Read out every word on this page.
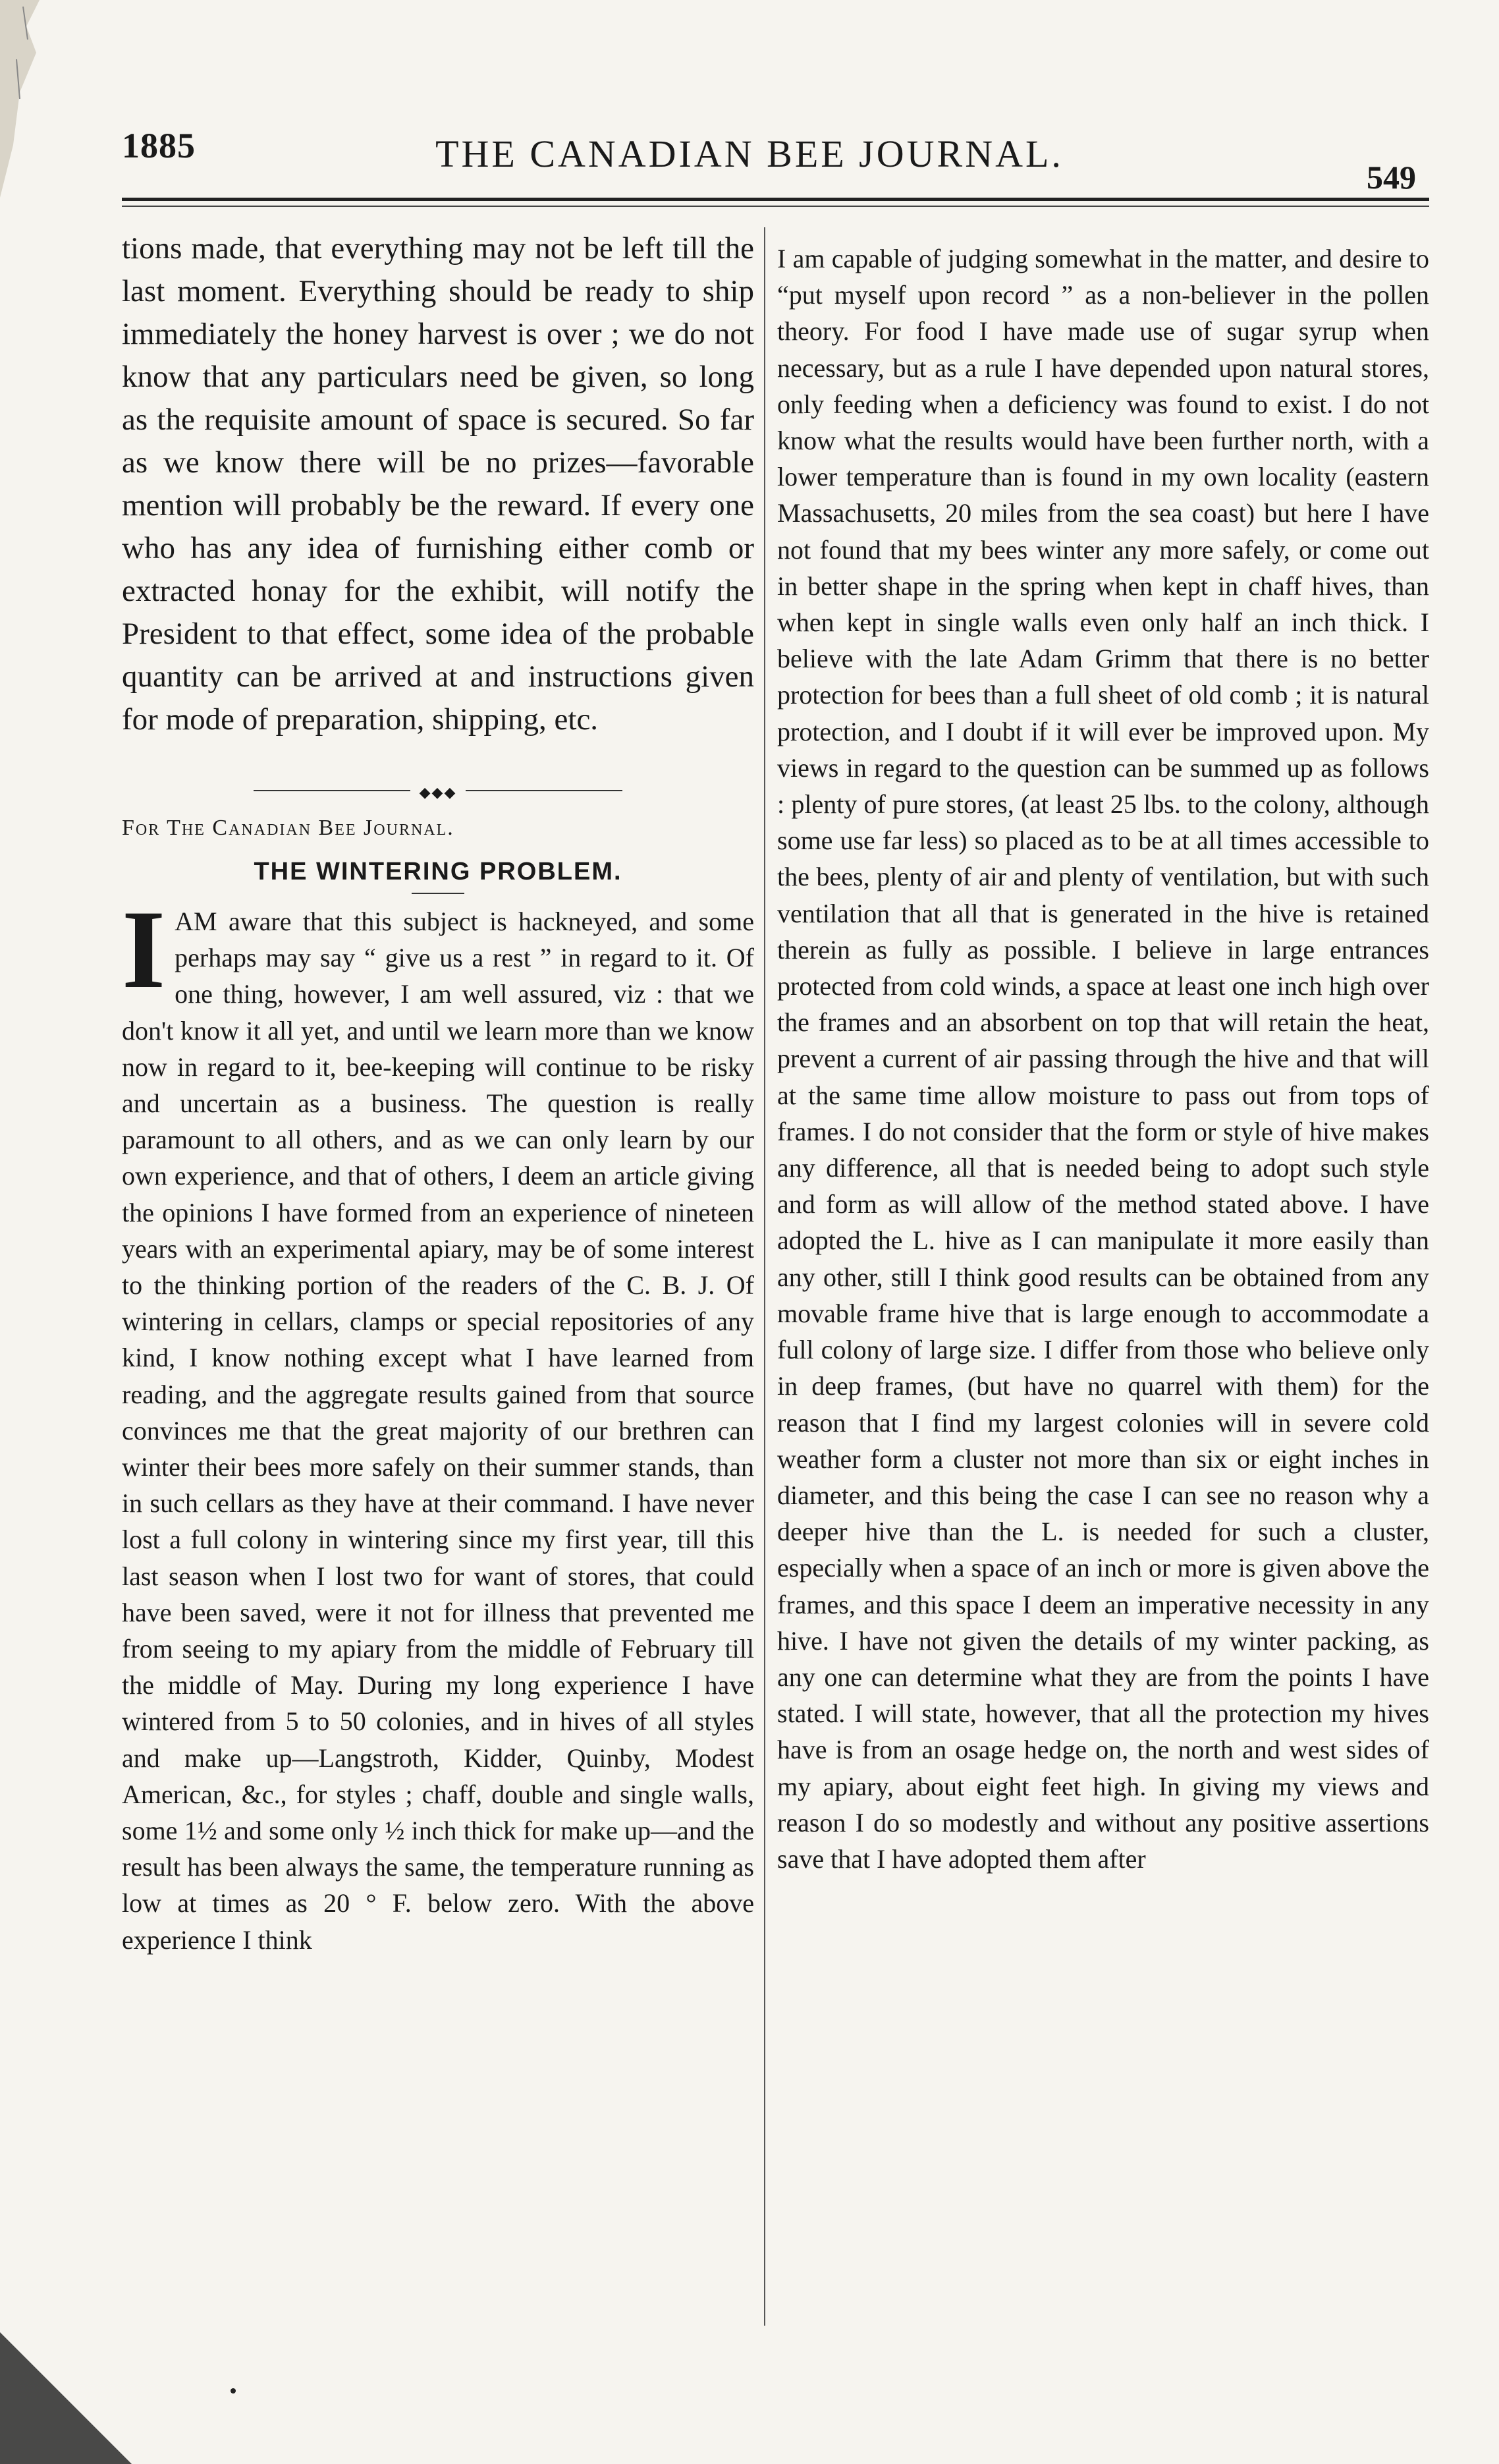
1885	THE CANADIAN BEE JOURNAL.
549

tions made, that everything may not be left till the last moment. Everything should be ready to ship immediately the honey harvest is over ; we do not know that any particulars need be given, so long as the requisite amount of space is secured. So far as we know there will be no prizes—favorable mention will probably be the reward. If every one who has any idea of furnishing either comb or extracted honay for the exhibit, will notify the President to that effect, some idea of the probable quantity can be arrived at and instructions given for mode of preparation, shipping, etc.

◆◆◆

For The Canadian Bee Journal.

THE WINTERING PROBLEM.
I AM aware that this subject is hackneyed, and some perhaps may say “ give us a rest ” in regard to it. Of one thing, however, I am well assured, viz : that we don't know it all yet, and until we learn more than we know now in regard to it, bee-keeping will continue to be risky and uncertain as a business. The question is really paramount to all others, and as we can only learn by our own experience, and that of others, I deem an article giving the opinions I have formed from an experience of nineteen years with an experimental apiary, may be of some interest to the thinking portion of the readers of the C. B. J. Of wintering in cellars, clamps or special repositories of any kind, I know nothing except what I have learned from reading, and the aggregate results gained from that source convinces me that the great majority of our brethren can winter their bees more safely on their summer stands, than in such cellars as they have at their command. I have never lost a full colony in wintering since my first year, till this last season when I lost two for want of stores, that could have been saved, were it not for illness that prevented me from seeing to my apiary from the middle of February till the middle of May. During my long experience I have wintered from 5 to 50 colonies, and in hives of all styles and make up—Langstroth, Kidder, Quinby, Modest American, &c., for styles ; chaff, double and single walls, some 1½ and some only ½ inch thick for make up—and the result has been always the same, the temperature running as low at times as 20 ° F. below zero. With the above experience I think

I am capable of judging somewhat in the matter, and desire to “put myself upon record ” as a non-believer in the pollen theory. For food I have made use of sugar syrup when necessary, but as a rule I have depended upon natural stores, only feeding when a deficiency was found to exist. I do not know what the results would have been further north, with a lower temperature than is found in my own locality (eastern Massachusetts, 20 miles from the sea coast) but here I have not found that my bees winter any more safely, or come out in better shape in the spring when kept in chaff hives, than when kept in single walls even only half an inch thick. I believe with the late Adam Grimm that there is no better protection for bees than a full sheet of old comb ; it is natural protection, and I doubt if it will ever be improved upon. My views in regard to the question can be summed up as follows : plenty of pure stores, (at least 25 lbs. to the colony, although some use far less) so placed as to be at all times accessible to the bees, plenty of air and plenty of ventilation, but with such ventilation that all that is generated in the hive is retained therein as fully as possible. I believe in large entrances protected from cold winds, a space at least one inch high over the frames and an absorbent on top that will retain the heat, prevent a current of air passing through the hive and that will at the same time allow moisture to pass out from tops of frames. I do not consider that the form or style of hive makes any difference, all that is needed being to adopt such style and form as will allow of the method stated above. I have adopted the L. hive as I can manipulate it more easily than any other, still I think good results can be obtained from any movable frame hive that is large enough to accommodate a full colony of large size. I differ from those who believe only in deep frames, (but have no quarrel with them) for the reason that I find my largest colonies will in severe cold weather form a cluster not more than six or eight inches in diameter, and this being the case I can see no reason why a deeper hive than the L. is needed for such a cluster, especially when a space of an inch or more is given above the frames, and this space I deem an imperative necessity in any hive. I have not given the details of my winter packing, as any one can determine what they are from the points I have stated. I will state, however, that all the protection my hives have is from an osage hedge on, the north and west sides of my apiary, about eight feet high. In giving my views and reason I do so modestly and without any positive assertions save that I have adopted them after
